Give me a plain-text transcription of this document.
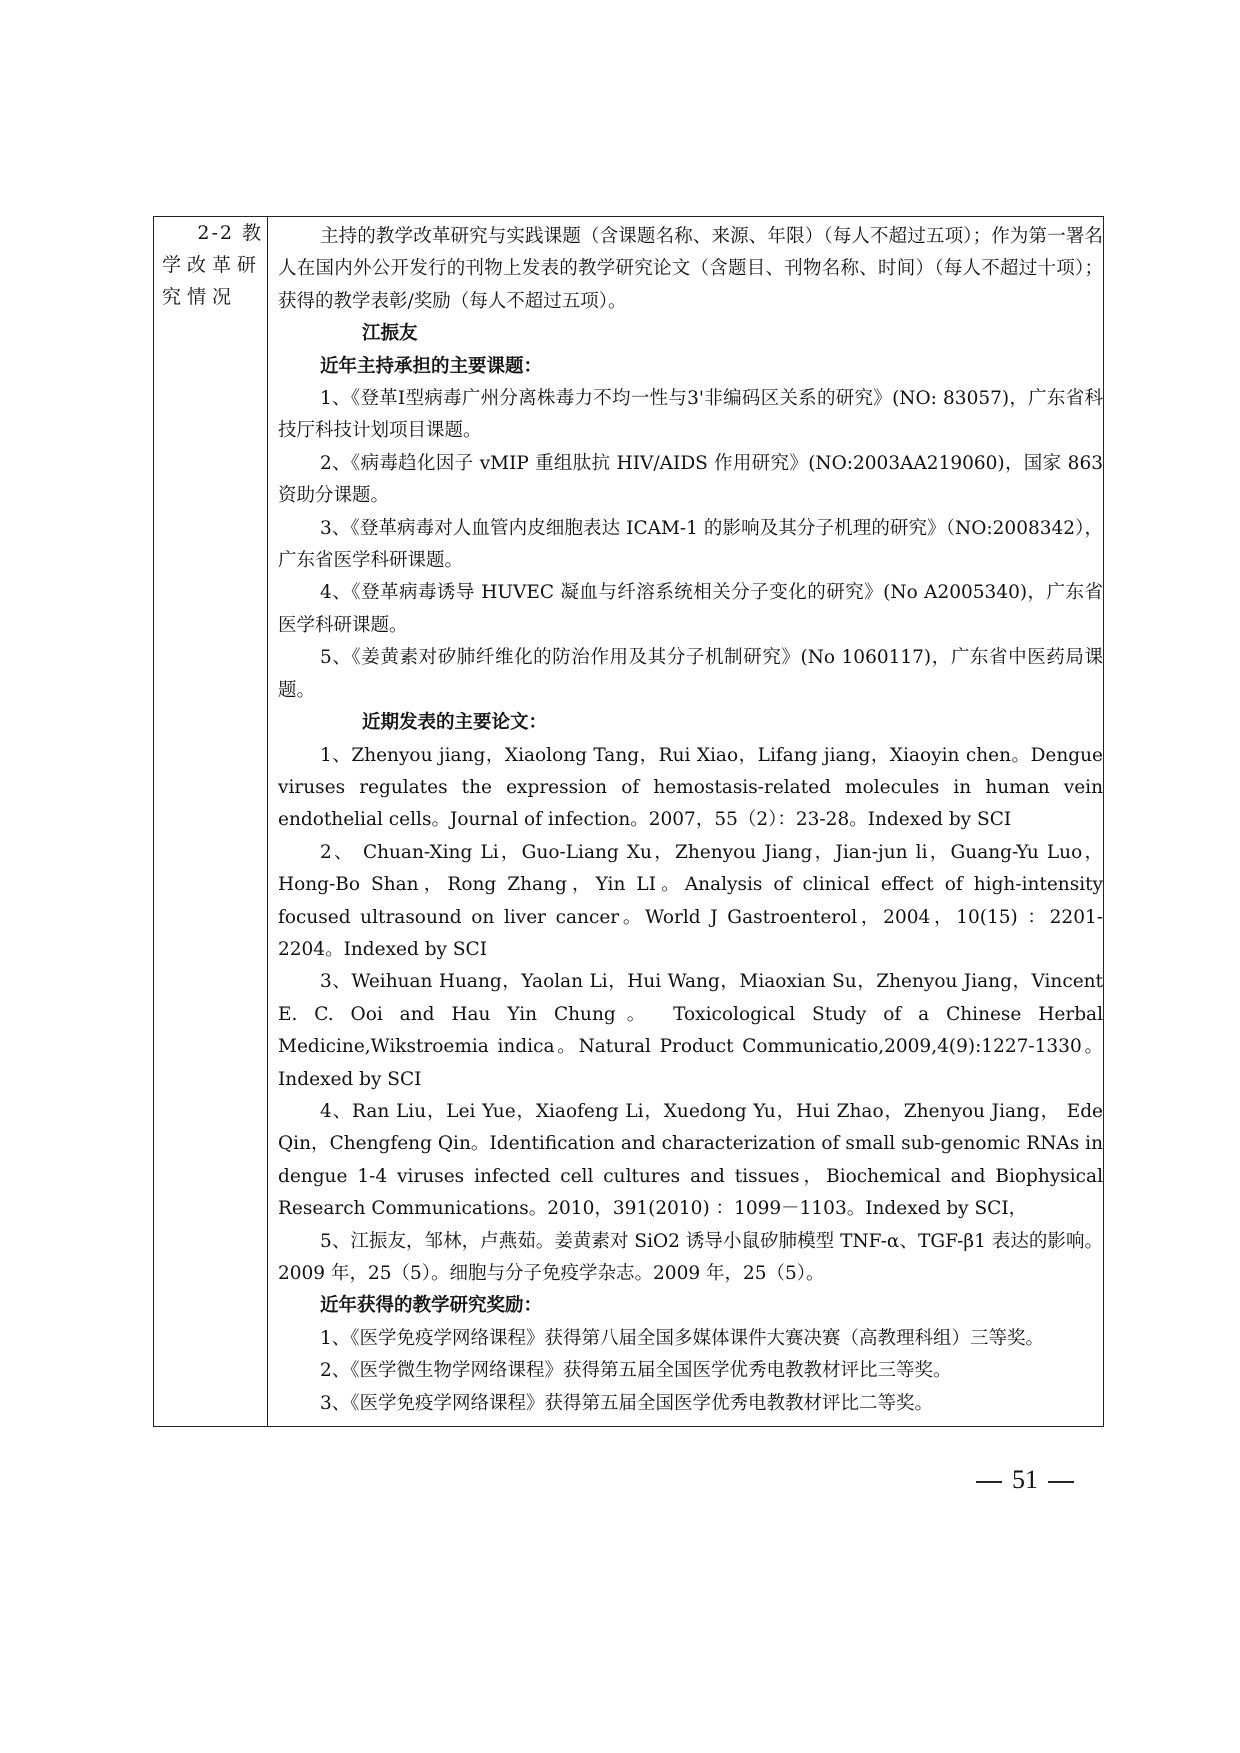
2-2 教
学改革研
究情况

主持的教学改革研究与实践课题（含课题名称、来源、年限）（每人不超过五项）；作为第一署名人在国内外公开发行的刊物上发表的教学研究论文（含题目、刊物名称、时间）（每人不超过十项）；获得的教学表彰/奖励（每人不超过五项）。

江振友

近年主持承担的主要课题：

1、《登革Ⅰ型病毒广州分离株毒力不均一性与3'非编码区关系的研究》(NO: 83057)，广东省科技厅科技计划项目课题。

2、《病毒趋化因子 vMIP 重组肽抗 HIV/AIDS 作用研究》(NO:2003AA219060)，国家 863 资助分课题。

3、《登革病毒对人血管内皮细胞表达 ICAM-1 的影响及其分子机理的研究》（NO:2008342），广东省医学科研课题。

4、《登革病毒诱导 HUVEC 凝血与纤溶系统相关分子变化的研究》(No A2005340)，广东省医学科研课题。

5、《姜黄素对矽肺纤维化的防治作用及其分子机制研究》(No 1060117)，广东省中医药局课题。

近期发表的主要论文：

1、Zhenyou jiang，Xiaolong Tang，Rui Xiao，Lifang jiang，Xiaoyin chen。Dengue viruses regulates the expression of hemostasis-related molecules in human vein endothelial cells。Journal of infection。2007，55（2）：23-28。Indexed by SCI

2、 Chuan-Xing Li，Guo-Liang Xu，Zhenyou Jiang，Jian-jun li，Guang-Yu Luo，Hong-Bo Shan，Rong Zhang，Yin LI。Analysis of clinical effect of high-intensity focused ultrasound on liver cancer。World J Gastroenterol，2004，10(15) ：2201-2204。Indexed by SCI

3、Weihuan Huang，Yaolan Li，Hui Wang，Miaoxian Su，Zhenyou Jiang，Vincent E. C. Ooi and Hau Yin Chung。 Toxicological Study of a Chinese Herbal Medicine,Wikstroemia indica。Natural Product Communicatio,2009,4(9):1227-1330。Indexed by SCI

4、Ran Liu，Lei Yue，Xiaofeng Li，Xuedong Yu，Hui Zhao，Zhenyou Jiang， Ede Qin，Chengfeng Qin。Identification and characterization of small sub-genomic RNAs in dengue 1-4 viruses infected cell cultures and tissues，Biochemical and Biophysical Research Communications。2010，391(2010) ：1099－1103。Indexed by SCI，

5、江振友，邹林，卢燕茹。姜黄素对 SiO2 诱导小鼠矽肺模型 TNF-α、TGF-β1 表达的影响。2009 年，25（5）。细胞与分子免疫学杂志。2009 年，25（5）。

近年获得的教学研究奖励：

1、《医学免疫学网络课程》获得第八届全国多媒体课件大赛决赛（高教理科组）三等奖。

2、《医学微生物学网络课程》获得第五届全国医学优秀电教教材评比三等奖。

3、《医学免疫学网络课程》获得第五届全国医学优秀电教教材评比二等奖。

51
